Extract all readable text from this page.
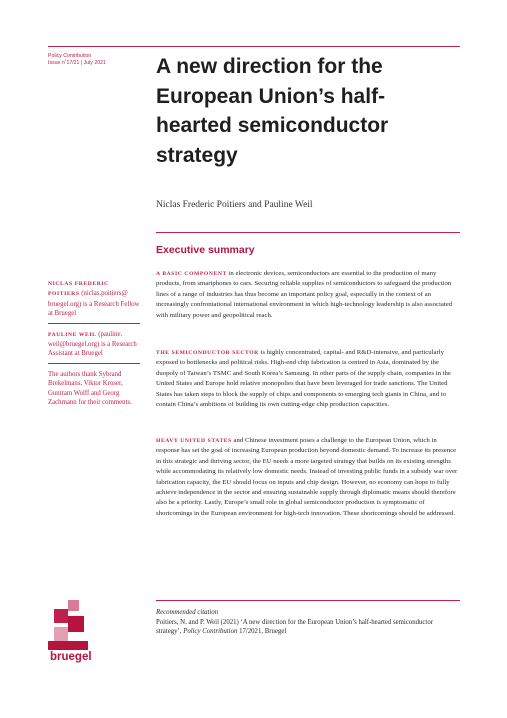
Policy Contribution
Issue n˚17/21 | July 2021	A new direction for the European Union’s half-hearted semiconductor strategy
Niclas Frederic Poitiers and Pauline Weil
Executive summary
NICLAS FREDERIC POITIERS (niclas.poitiers@ bruegel.org) is a Research Fellow at Bruegel
PAULINE WEIL (pauline. weil@bruegel.org) is a Research Assistant at Bruegel
The authors thank Sybrand Brekelmans, Viktor Kroser, Guntram Wolff and Georg Zachmann for their comments.

A BASIC COMPONENT in electronic devices, semiconductors are essential to the production of many products, from smartphones to cars. Securing reliable supplies of semiconductors to safeguard the production lines of a range of industries has thus become an important policy goal, especially in the context of an increasingly confrontational international environment in which high-technology leadership is also associated with military power and geopolitical reach.

THE SEMICONDUCTOR SECTOR is highly concentrated, capital- and R&D-intensive, and particularly exposed to bottlenecks and political risks. High-end chip fabrication is centred in Asia, dominated by the duopoly of Taiwan’s TSMC and South Korea’s Samsung. In other parts of the supply chain, companies in the United States and Europe hold relative monopolies that have been leveraged for trade sanctions. The United States has taken steps to block the supply of chips and components to emerging tech giants in China, and to contain China’s ambitions of building its own cutting-edge chip production capacities.

HEAVY UNITED STATES and Chinese investment poses a challenge to the European Union, which in response has set the goal of increasing European production beyond domestic demand. To increase its presence in this strategic and thriving sector, the EU needs a more targeted strategy that builds on its existing strengths while accommodating its relatively low domestic needs. Instead of investing public funds in a subsidy war over fabrication capacity, the EU should focus on inputs and chip design. However, no economy can hope to fully achieve independence in the sector and ensuring sustainable supply through diplomatic means should therefore also be a priority. Lastly, Europe’s small role in global semiconductor production is symptomatic of shortcomings in the European environment for high-tech innovation. These shortcomings should be addressed.

Recommended citation
Poitiers, N. and P. Weil (2021) ‘A new direction for the European Union’s half-hearted semiconductor strategy’, Policy Contribution 17/2021, Bruegel
bruegel
